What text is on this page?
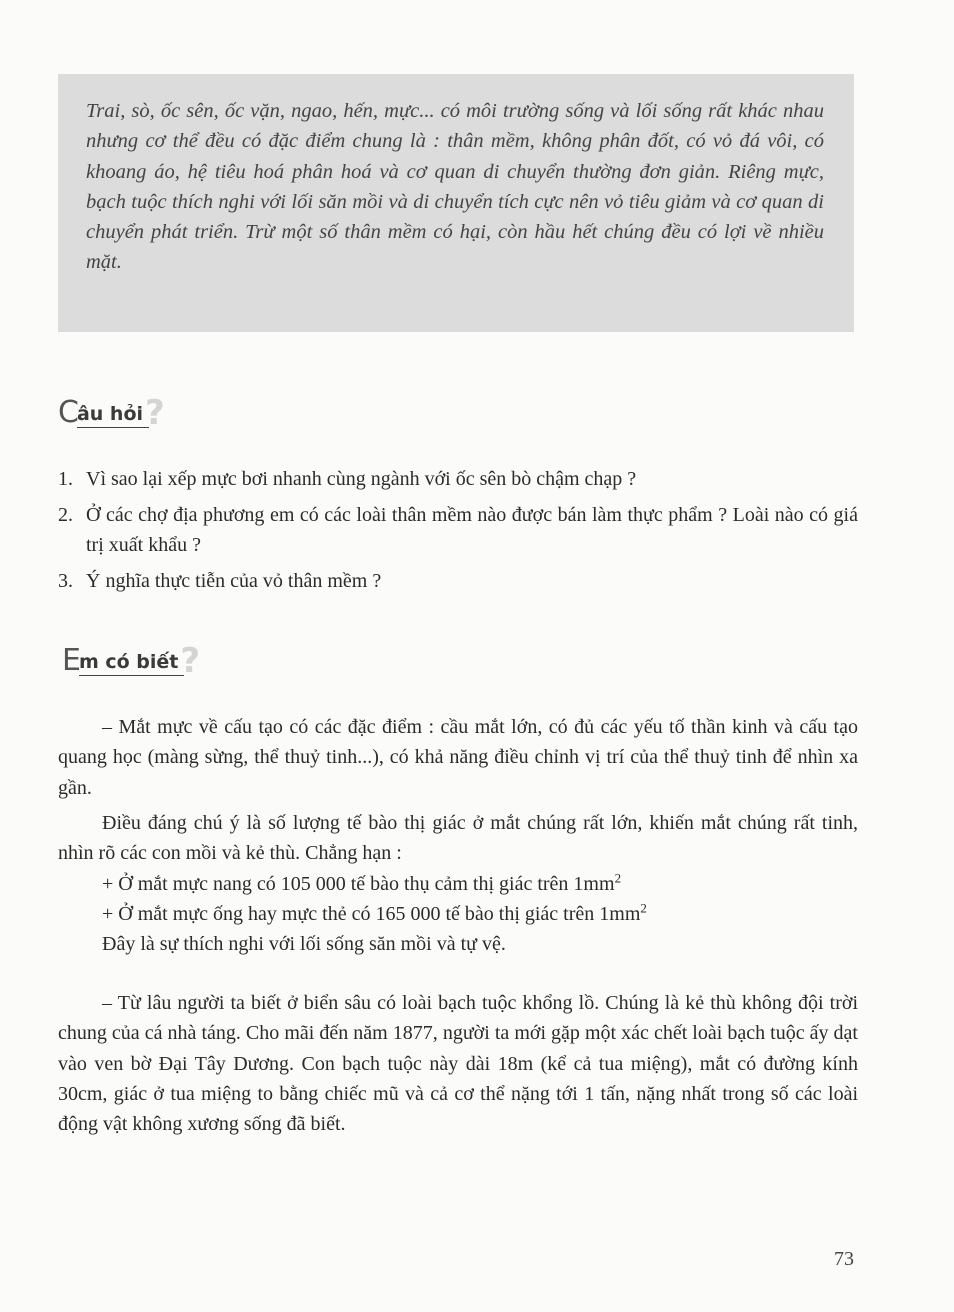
Trai, sò, ốc sên, ốc vặn, ngao, hến, mực... có môi trường sống và lối sống rất khác nhau nhưng cơ thể đều có đặc điểm chung là : thân mềm, không phân đốt, có vỏ đá vôi, có khoang áo, hệ tiêu hoá phân hoá và cơ quan di chuyển thường đơn giản. Riêng mực, bạch tuộc thích nghi với lối săn mồi và di chuyển tích cực nên vỏ tiêu giảm và cơ quan di chuyển phát triển. Trừ một số thân mềm có hại, còn hầu hết chúng đều có lợi về nhiều mặt.

C
âu hỏi ?
1. Vì sao lại xếp mực bơi nhanh cùng ngành với ốc sên bò chậm chạp ?
2. Ở các chợ địa phương em có các loài thân mềm nào được bán làm thực phẩm ? Loài nào có giá trị xuất khẩu ?
3. Ý nghĩa thực tiễn của vỏ thân mềm ?
E
m có biết ?

– Mắt mực về cấu tạo có các đặc điểm : cầu mắt lớn, có đủ các yếu tố thần kinh và cấu tạo quang học (màng sừng, thể thuỷ tinh...), có khả năng điều chỉnh vị trí của thể thuỷ tinh để nhìn xa gần.

Điều đáng chú ý là số lượng tế bào thị giác ở mắt chúng rất lớn, khiến mắt chúng rất tinh, nhìn rõ các con mồi và kẻ thù. Chẳng hạn :

+ Ở mắt mực nang có 105 000 tế bào thụ cảm thị giác trên $1mm^2$

+ Ở mắt mực ống hay mực thẻ có 165 000 tế bào thị giác trên $1mm^2$

Đây là sự thích nghi với lối sống săn mồi và tự vệ.

– Từ lâu người ta biết ở biển sâu có loài bạch tuộc khổng lồ. Chúng là kẻ thù không đội trời chung của cá nhà táng. Cho mãi đến năm 1877, người ta mới gặp một xác chết loài bạch tuộc ấy dạt vào ven bờ Đại Tây Dương. Con bạch tuộc này dài 18m (kể cả tua miệng), mắt có đường kính 30cm, giác ở tua miệng to bằng chiếc mũ và cả cơ thể nặng tới 1 tấn, nặng nhất trong số các loài động vật không xương sống đã biết.

73
